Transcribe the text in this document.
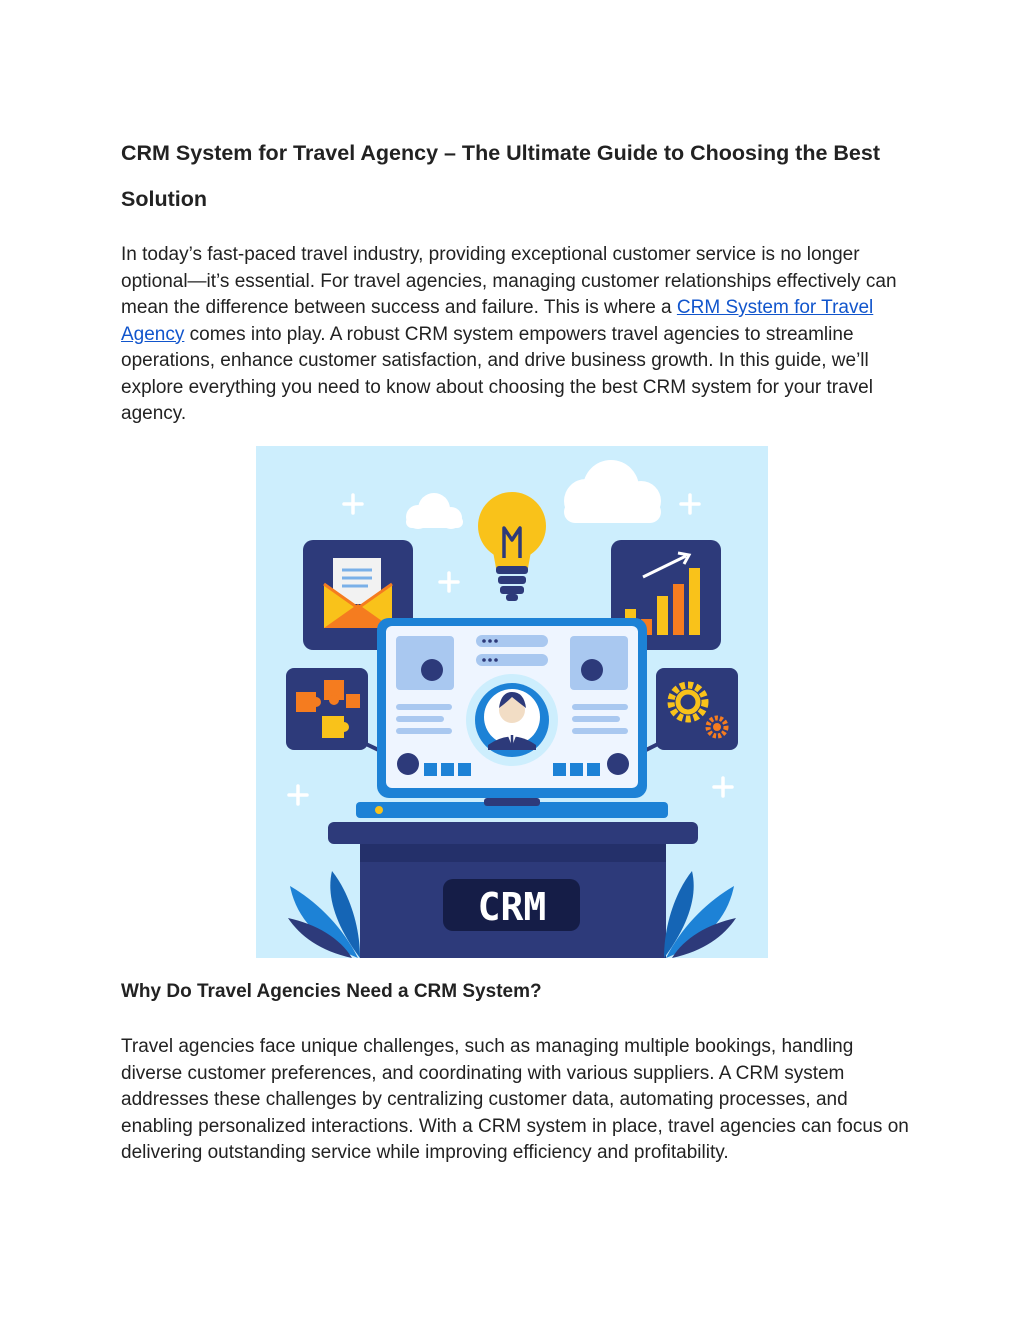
CRM System for Travel Agency – The Ultimate Guide to Choosing the Best Solution

In today’s fast-paced travel industry, providing exceptional customer service is no longer optional—it’s essential. For travel agencies, managing customer relationships effectively can mean the difference between success and failure. This is where a CRM System for Travel Agency comes into play. A robust CRM system empowers travel agencies to streamline operations, enhance customer satisfaction, and drive business growth. In this guide, we’ll explore everything you need to know about choosing the best CRM system for your travel agency.

Why Do Travel Agencies Need a CRM System?

Travel agencies face unique challenges, such as managing multiple bookings, handling diverse customer preferences, and coordinating with various suppliers. A CRM system addresses these challenges by centralizing customer data, automating processes, and enabling personalized interactions. With a CRM system in place, travel agencies can focus on delivering outstanding service while improving efficiency and profitability.

CRM
